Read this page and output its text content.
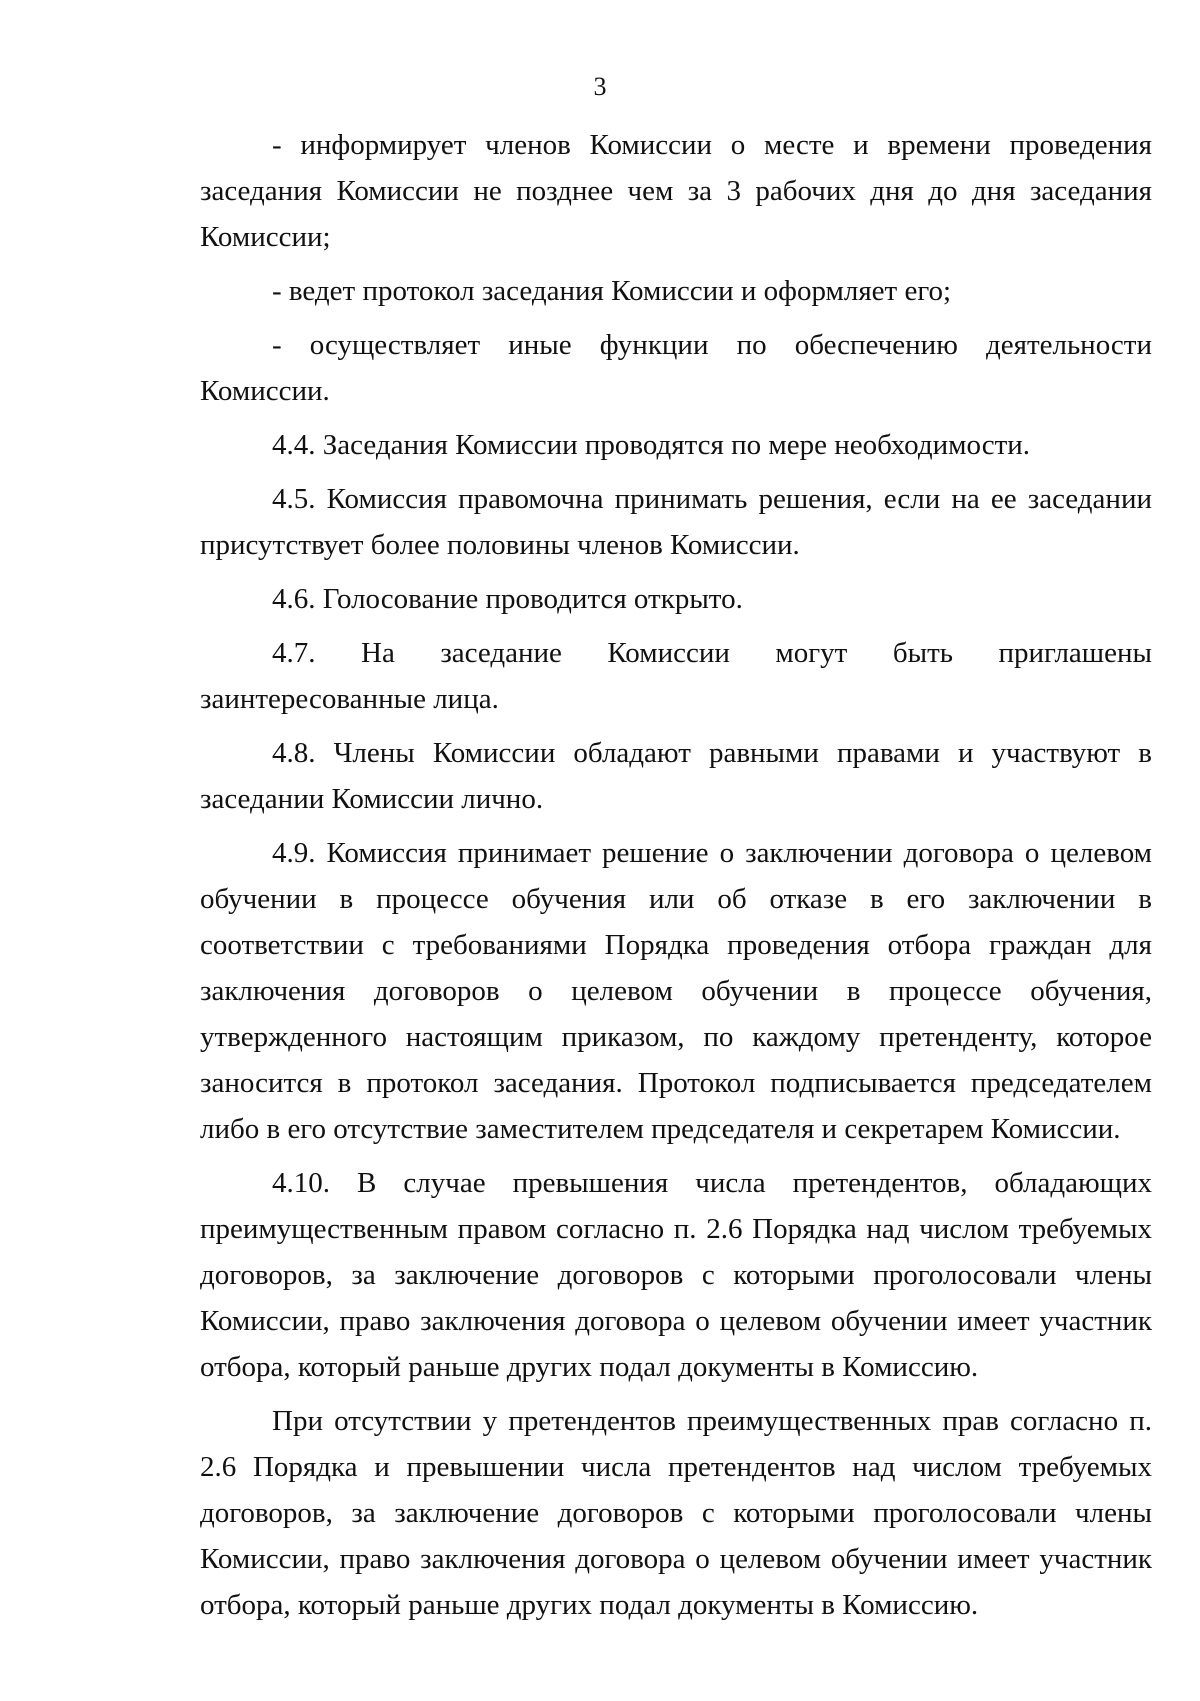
3

- информирует членов Комиссии о месте и времени проведения заседания Комиссии не позднее чем за 3 рабочих дня до дня заседания Комиссии;

- ведет протокол заседания Комиссии и оформляет его;

- осуществляет иные функции по обеспечению деятельности Комиссии.

4.4. Заседания Комиссии проводятся по мере необходимости.

4.5. Комиссия правомочна принимать решения, если на ее заседании присутствует более половины членов Комиссии.

4.6. Голосование проводится открыто.

4.7. На заседание Комиссии могут быть приглашены заинтересованные лица.

4.8. Члены Комиссии обладают равными правами и участвуют в заседании Комиссии лично.

4.9. Комиссия принимает решение о заключении договора о целевом обучении в процессе обучения или об отказе в его заключении в соответствии с требованиями Порядка проведения отбора граждан для заключения договоров о целевом обучении в процессе обучения, утвержденного настоящим приказом, по каждому претенденту, которое заносится в протокол заседания. Протокол подписывается председателем либо в его отсутствие заместителем председателя и секретарем Комиссии.

4.10. В случае превышения числа претендентов, обладающих преимущественным правом согласно п. 2.6 Порядка над числом требуемых договоров, за заключение договоров с которыми проголосовали члены Комиссии, право заключения договора о целевом обучении имеет участник отбора, который раньше других подал документы в Комиссию.

При отсутствии у претендентов преимущественных прав согласно п. 2.6 Порядка и превышении числа претендентов над числом требуемых договоров, за заключение договоров с которыми проголосовали члены Комиссии, право заключения договора о целевом обучении имеет участник отбора, который раньше других подал документы в Комиссию.
